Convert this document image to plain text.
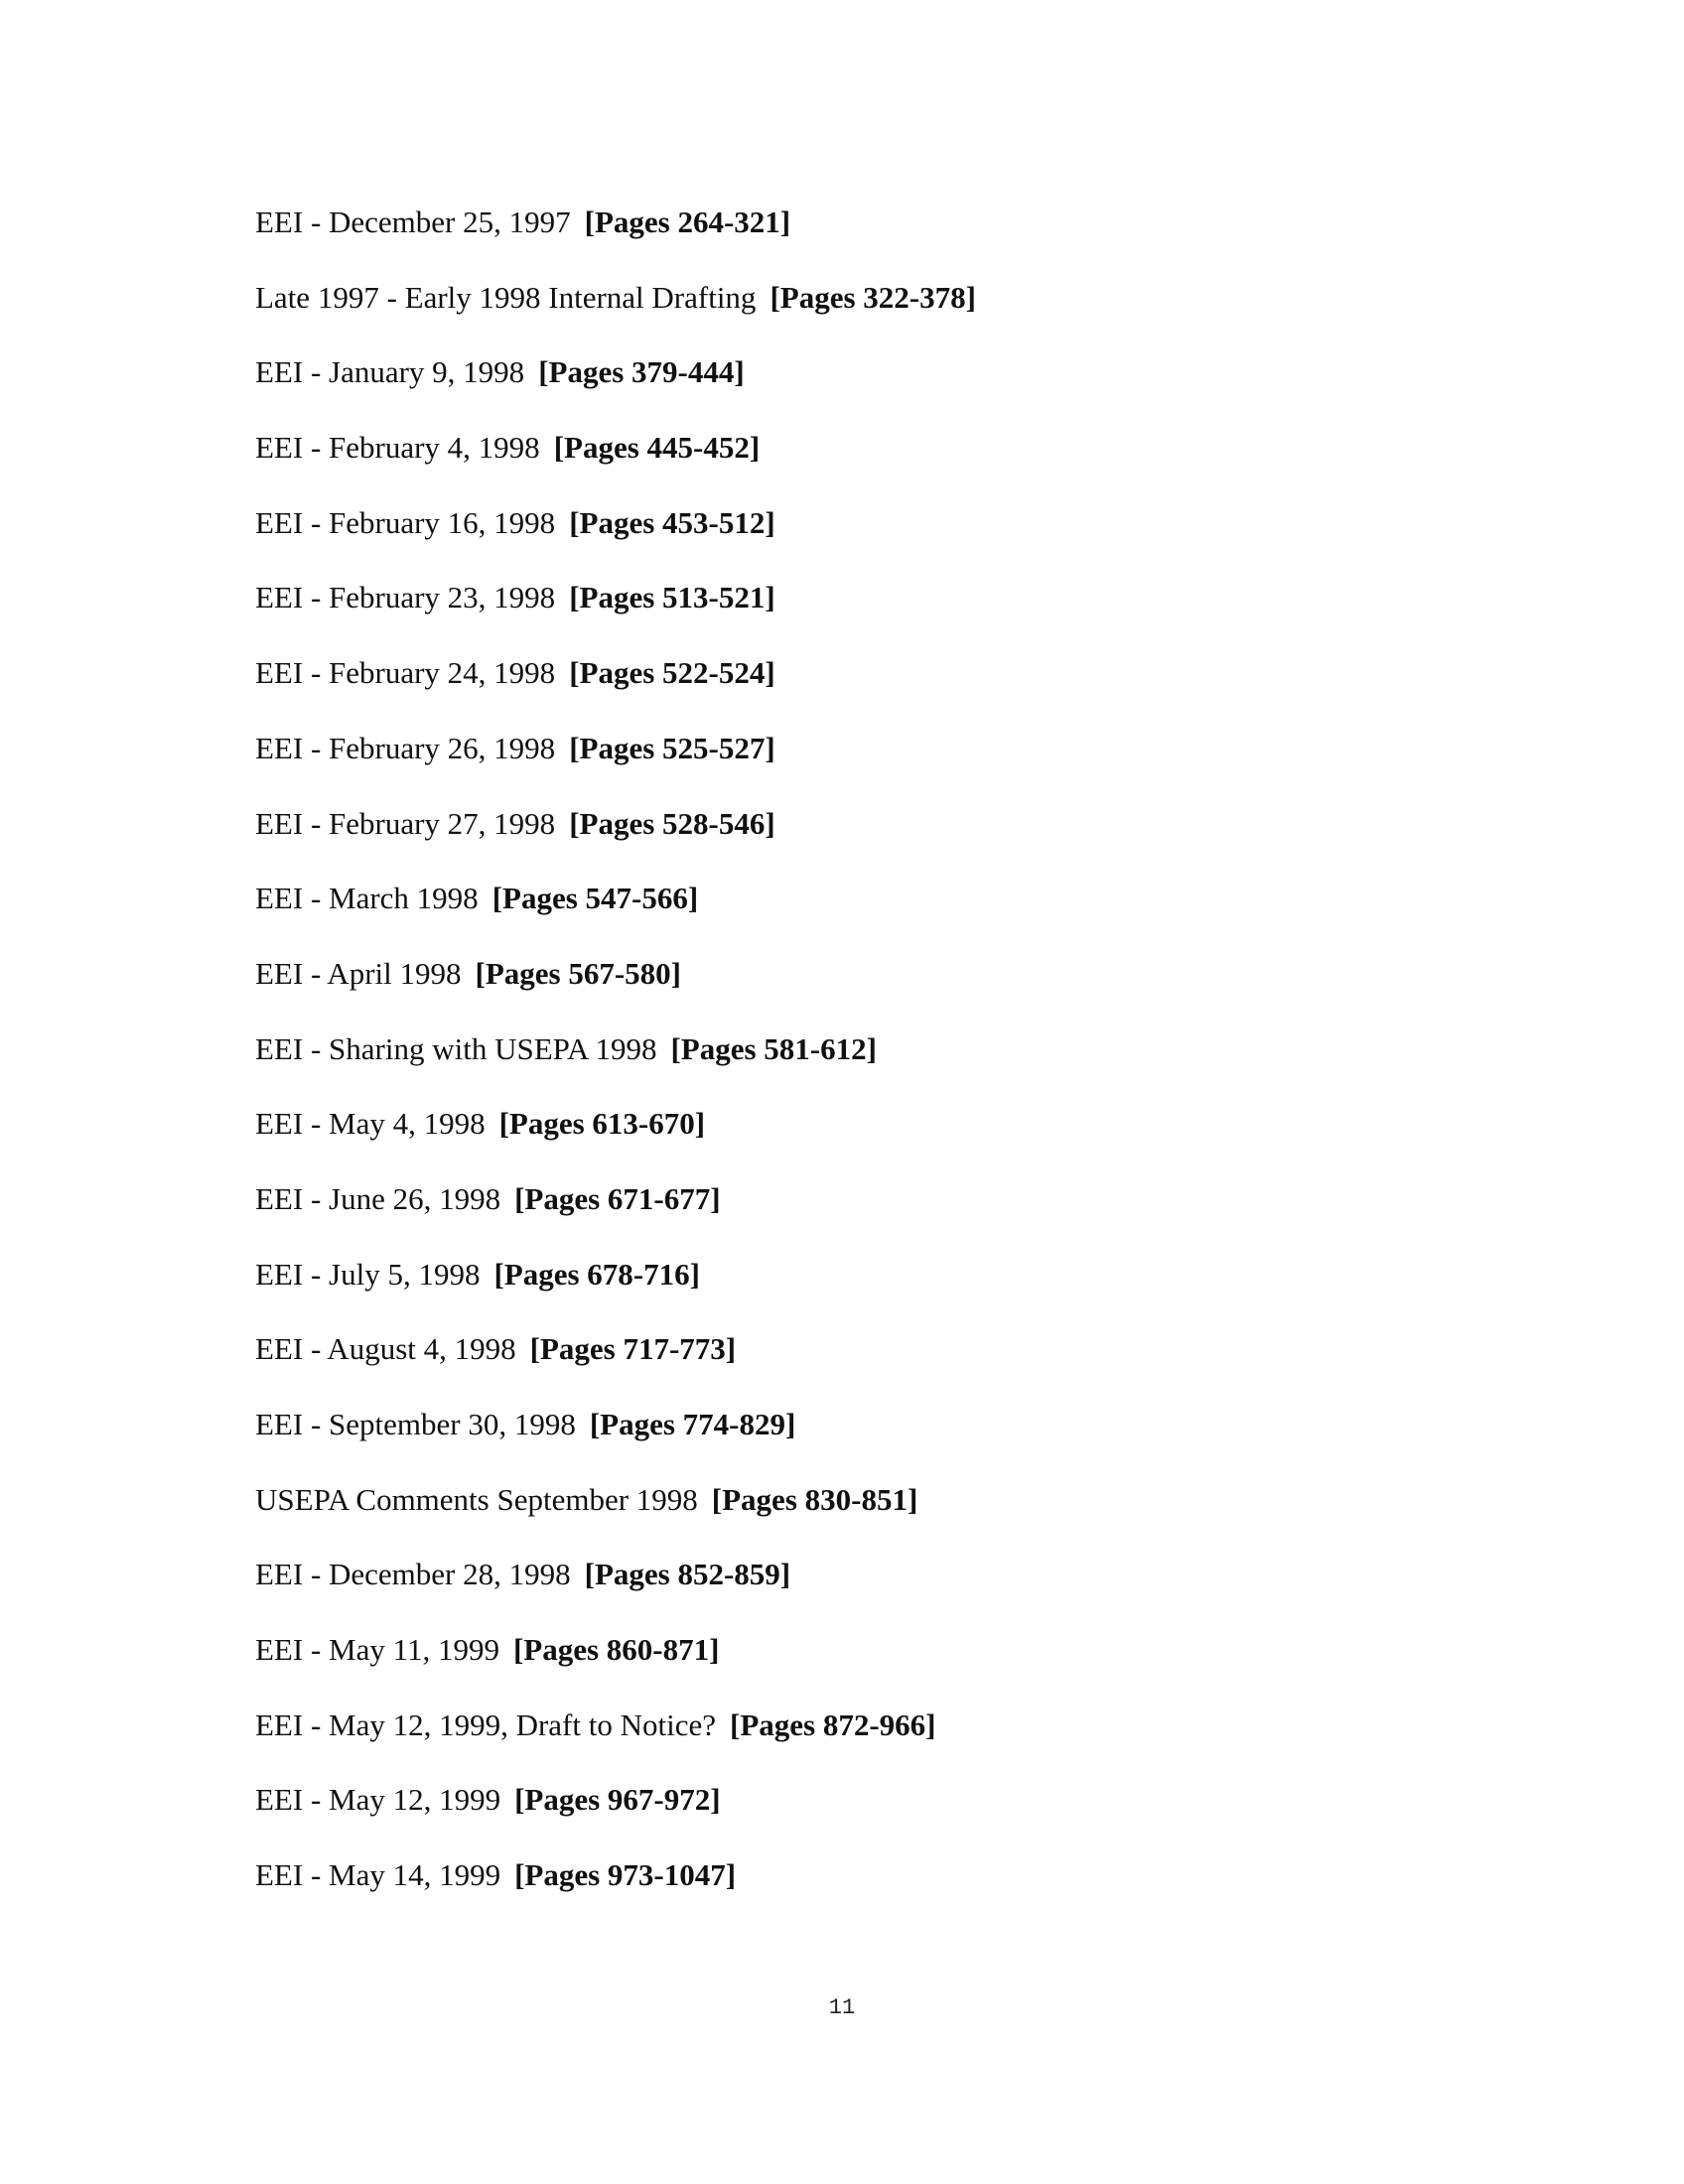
EEI - December 25, 1997 [Pages 264-321]
Late 1997 - Early 1998 Internal Drafting [Pages 322-378]
EEI - January 9, 1998 [Pages 379-444]
EEI - February 4, 1998 [Pages 445-452]
EEI - February 16, 1998 [Pages 453-512]
EEI - February 23, 1998 [Pages 513-521]
EEI - February 24, 1998 [Pages 522-524]
EEI - February 26, 1998 [Pages 525-527]
EEI - February 27, 1998 [Pages 528-546]
EEI - March 1998 [Pages 547-566]
EEI - April 1998 [Pages 567-580]
EEI - Sharing with USEPA 1998 [Pages 581-612]
EEI - May 4, 1998 [Pages 613-670]
EEI - June 26, 1998 [Pages 671-677]
EEI - July 5, 1998 [Pages 678-716]
EEI - August 4, 1998 [Pages 717-773]
EEI - September 30, 1998 [Pages 774-829]
USEPA Comments September 1998 [Pages 830-851]
EEI - December 28, 1998 [Pages 852-859]
EEI - May 11, 1999 [Pages 860-871]
EEI - May 12, 1999, Draft to Notice? [Pages 872-966]
EEI - May 12, 1999 [Pages 967-972]
EEI - May 14, 1999 [Pages 973-1047]
11
